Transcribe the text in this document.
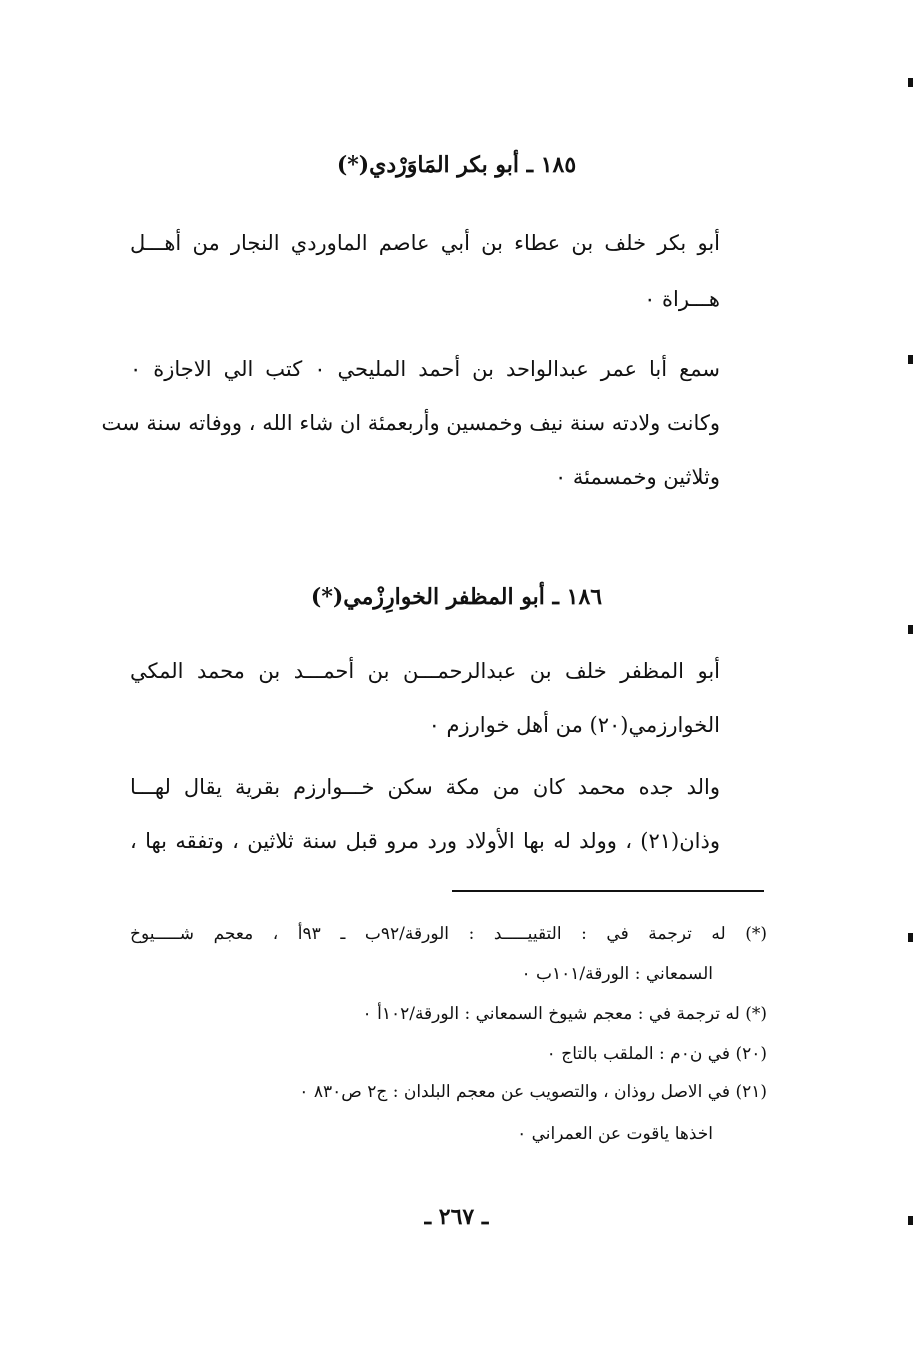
١٨٥ ـ أبو بكر المَاوَرْدي(*)
أبو بكر خلف بن عطاء بن أبي عاصم الماوردي النجار من أهـــل
هـــراة ٠
سمع أبا عمر عبدالواحد بن أحمد المليحي ٠ كتب الي الاجازة ٠
وكانت ولادته سنة نيف وخمسين وأربعمئة ان شاء الله ، ووفاته سنة ست
وثلاثين وخمسمئة ٠
١٨٦ ـ أبو المظفر الخوارِزْمي(*)
أبو المظفر خلف بن عبدالرحمـــن بن أحمـــد بن محمد المكي
الخوارزمي(٢٠) من أهل خوارزم ٠
والد جده محمد كان من مكة سكن خـــوارزم بقرية يقال لهـــا
وذان(٢١) ، وولد له بها الأولاد ورد مرو قبل سنة ثلاثين ، وتفقه بها ،
(*) له ترجمة في : التقييـــــد : الورقة/٩٢ب ـ ٩٣أ ، معجم شـــــيوخ
السمعاني : الورقة/١٠١ب ٠
(*) له ترجمة في : معجم شيوخ السمعاني : الورقة/١٠٢أ ٠
(٢٠) في ن٠م : الملقب بالتاج ٠
(٢١) في الاصل روذان ، والتصويب عن معجم البلدان : ج٢ ص٨٣٠ ٠
اخذها ياقوت عن العمراني ٠
ـ ٢٦٧ ـ
